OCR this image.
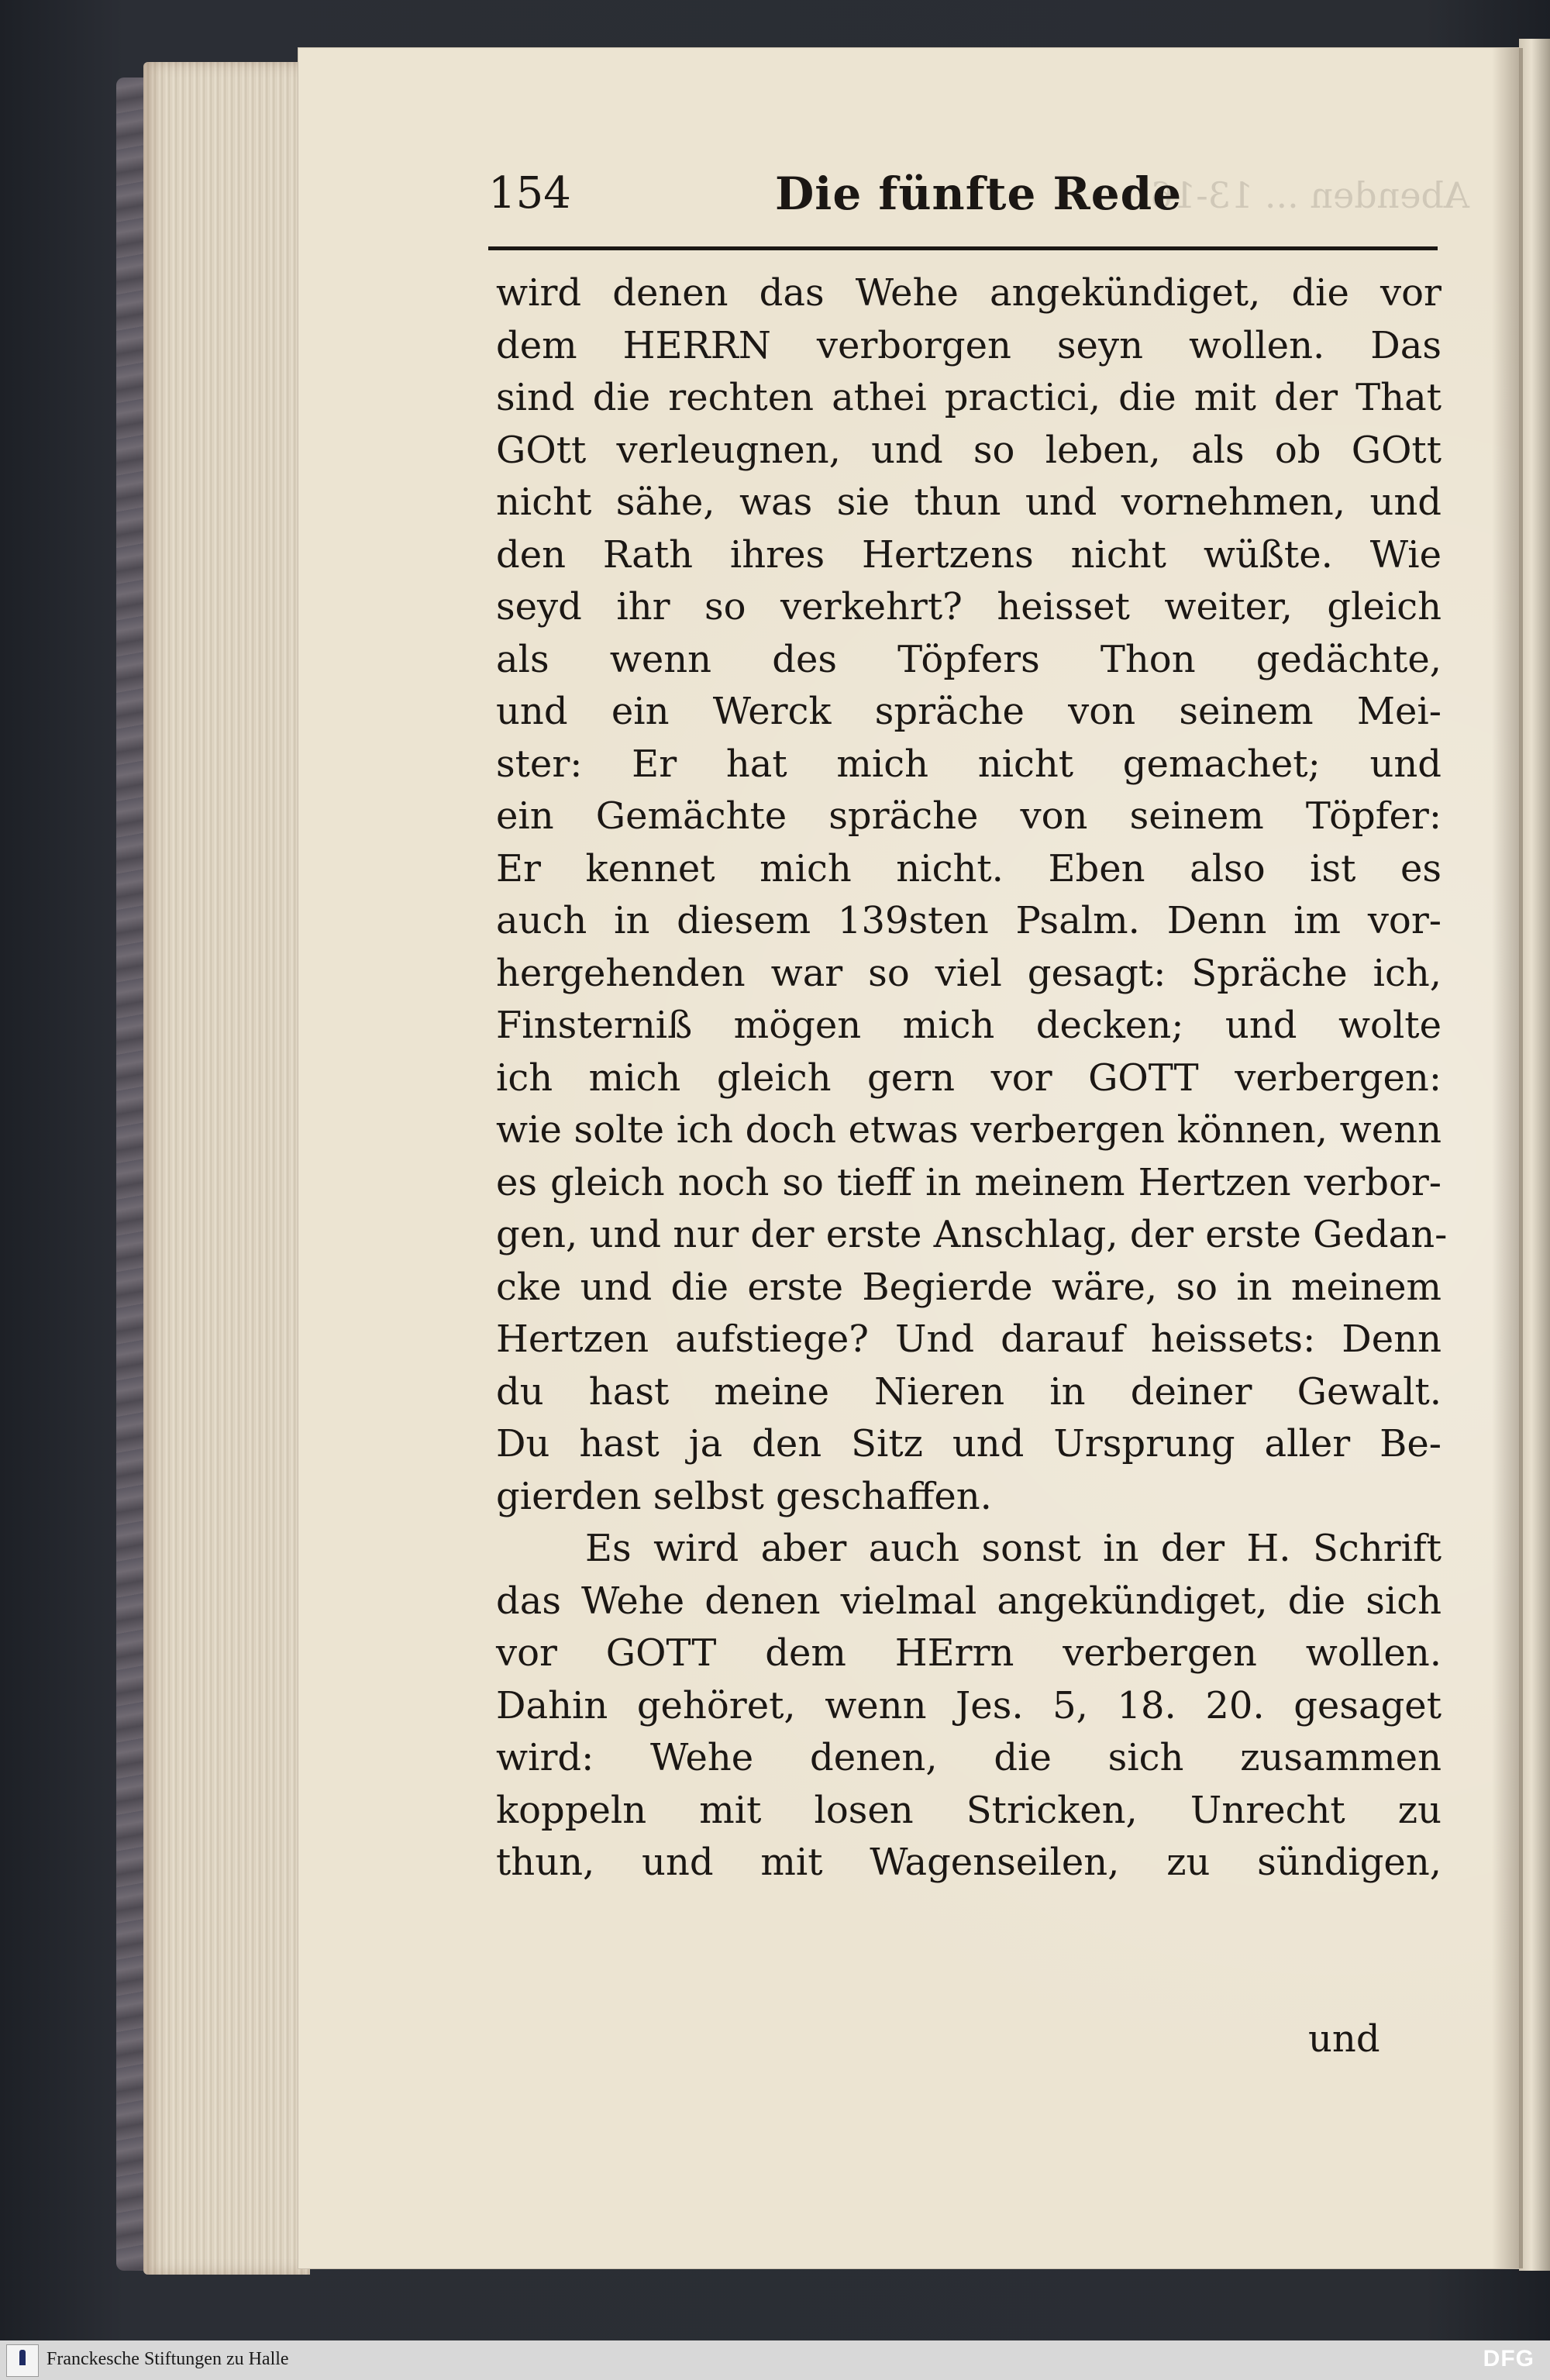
Abenden ... 13-16.
154	Die fünfte Rede
wird denen das Wehe angekündiget, die vor
dem HERRN verborgen seyn wollen. Das
sind die rechten athei practici, die mit der That
GOtt verleugnen, und so leben, als ob GOtt
nicht sähe, was sie thun und vornehmen, und
den Rath ihres Hertzens nicht wüßte. Wie
seyd ihr so verkehrt? heisset weiter, gleich
als wenn des Töpfers Thon gedächte,
und ein Werck spräche von seinem Mei-
ster: Er hat mich nicht gemachet; und
ein Gemächte spräche von seinem Töpfer:
Er kennet mich nicht. Eben also ist es
auch in diesem 139sten Psalm. Denn im vor-
hergehenden war so viel gesagt: Spräche ich,
Finsterniß mögen mich decken; und wolte
ich mich gleich gern vor GOTT verbergen:
wie solte ich doch etwas verbergen können, wenn
es gleich noch so tieff in meinem Hertzen verbor-
gen, und nur der erste Anschlag, der erste Gedan-
cke und die erste Begierde wäre, so in meinem
Hertzen aufstiege? Und darauf heissets: Denn
du hast meine Nieren in deiner Gewalt.
Du hast ja den Sitz und Ursprung aller Be-
gierden selbst geschaffen.
Es wird aber auch sonst in der H. Schrift
das Wehe denen vielmal angekündiget, die sich
vor GOTT dem HErrn verbergen wollen.
Dahin gehöret, wenn Jes. 5, 18. 20. gesaget
wird: Wehe denen, die sich zusammen
koppeln mit losen Stricken, Unrecht zu
thun, und mit Wagenseilen, zu sündigen,
und
Franckesche Stiftungen zu Halle	DFG
